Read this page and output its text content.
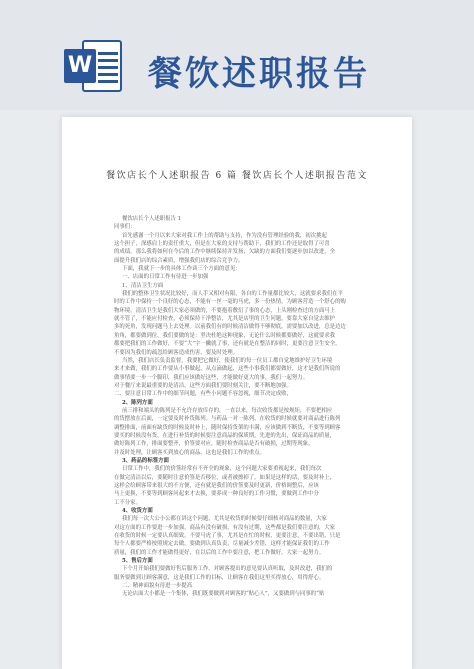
W 餐饮述职报告
餐饮店长个人述职报告 6 篇 餐饮店长个人述职报告范文

餐饮店长个人述职报告 1

同事们：

首先感谢一个月以来大家对我工作上的帮助与支持，作为没有管理经验的我，初次挑起

这个担子，深感肩上的责任重大，但是在大家的支持与帮助下，我们的工作还是取得了可喜

的成绩，那么我将如何在今后的工作中继续保持并发扬，欠缺的方面我们要逐步加以改进，全

面提升我们店的综合素质，增强我们店的综合竞争力。

下面，我就下一步的具体工作谈三个方面的意见：

一、店面的日常工作有待进一步加强

1、清洁卫生方面

我们的整体卫生状况比较好，而人手又相对有限，各自的工作量都比较大，这就要求我们在平

时的工作中保持一个良好的心态，不能有一丝一毫的马虎，多一份热情，为顾客营造一个舒心的购

物环境。清洁卫生是我们大家必须做的，不要抱着敷衍了事的心态，上头刚检查过的方面马上

就不管了，不能应付检查，必须保持干净整洁，尤其是店里的卫生问题，要靠大家自觉去维护

多的死角，发现问题马上去处理。以前我们有的时候清洁做得不够彻底，需要加以改进，总是边边

角角，都要做到位，我们要做的是：坚决杜绝这种现象，无论什么时候都要做好，这就要求我

都要把我们的工作做好，不要“大”字一撇就了事，还有就是在整洁的同时，更要注意卫生安全，

不要因为我们的疏忽给顾客造成伤害，要及时处理。

当然，我们店长负责监督，我要把它做好，使我们的每一位员工都自觉地维护好卫生环境

来才来做，我们的工作要从小事做起，从点滴做起，这些小事我们都要做好，这才是我们所说的

做事情要一步一个脚印，我们应该做好这些，才能做好更大的事，我们一起努力。

对于餐厅来说最重要的是清洁，这些方面我们要时刻关注，要不断地加强。

二、要注意日常工作中的细节问题，有些小问题不容忽视，细节决定成败，

2、陈列方面

前三排和端头的陈列是不允许存放库存的，一直以来，每次收货都是按规矩，不要把相应

的货摆放在后面，一定要及时补货陈列。与药品一对一陈列，在收货的时候就要对商品进行陈列

调整排面，前面有缺货的时候及时补上，随时保持货架的丰满，应该做到不断货，不要等到顾客

要买的时候没有货，在进行补货的时候要注意商品的保质期，先进的先出，保证商品的质量，

做好陈列工作，排面要整齐，价签要对应，随时检查商品是否有破损，过期等现象，

并及时处理，让顾客买到放心的商品，这也是我们工作的重点。

3、药品的标签方面

日常工作中，我们的价签经常有不齐全的现象，这个问题大家要重视起来，我们每次

在做完清洁以后，要随时注意价签是否移位，或者被擦掉了，如果是这样的话，要及时补上，

这样会给顾客带来很大的不方便，还有就是我们的价签要及时更新，价格调整后，应该

马上更换，不要等到顾客问起来才去换，要养成一种良好的工作习惯，要做到工作中分

工不分家。

4、收货方面

我们每一次大公小公都在讲这个问题，尤其是收货的时候要仔细核对商品的数量，大家

对这方面的工作要进一步加强，商品有没有破损，有没有过期，这些都是我们要注意的，大家

在收货的时候一定要认真细致，不要马虎了事，尤其是在忙的时候，更要注意，不要出错，只是

每个人都要严格按照规定去做，要做到认真负责，尽量减少差错，这样才能保证我们的工作

质量，我们的工作才能做得更好，在以后的工作中要注意，把工作做好，大家一起努力。

5、售后方面

下个月开始我们要做好售后服务工作，对顾客提出的意见要认真听取，及时改进，我们的

服务要做到让顾客满意，这是我们工作的目标，让顾客在我们这里买得放心，用得舒心。

二、精神面貌有待进一步提高

无论店面大小都是一个集体，我们既要做到对顾客的“贴心人”，又要做到与同事的“贴
